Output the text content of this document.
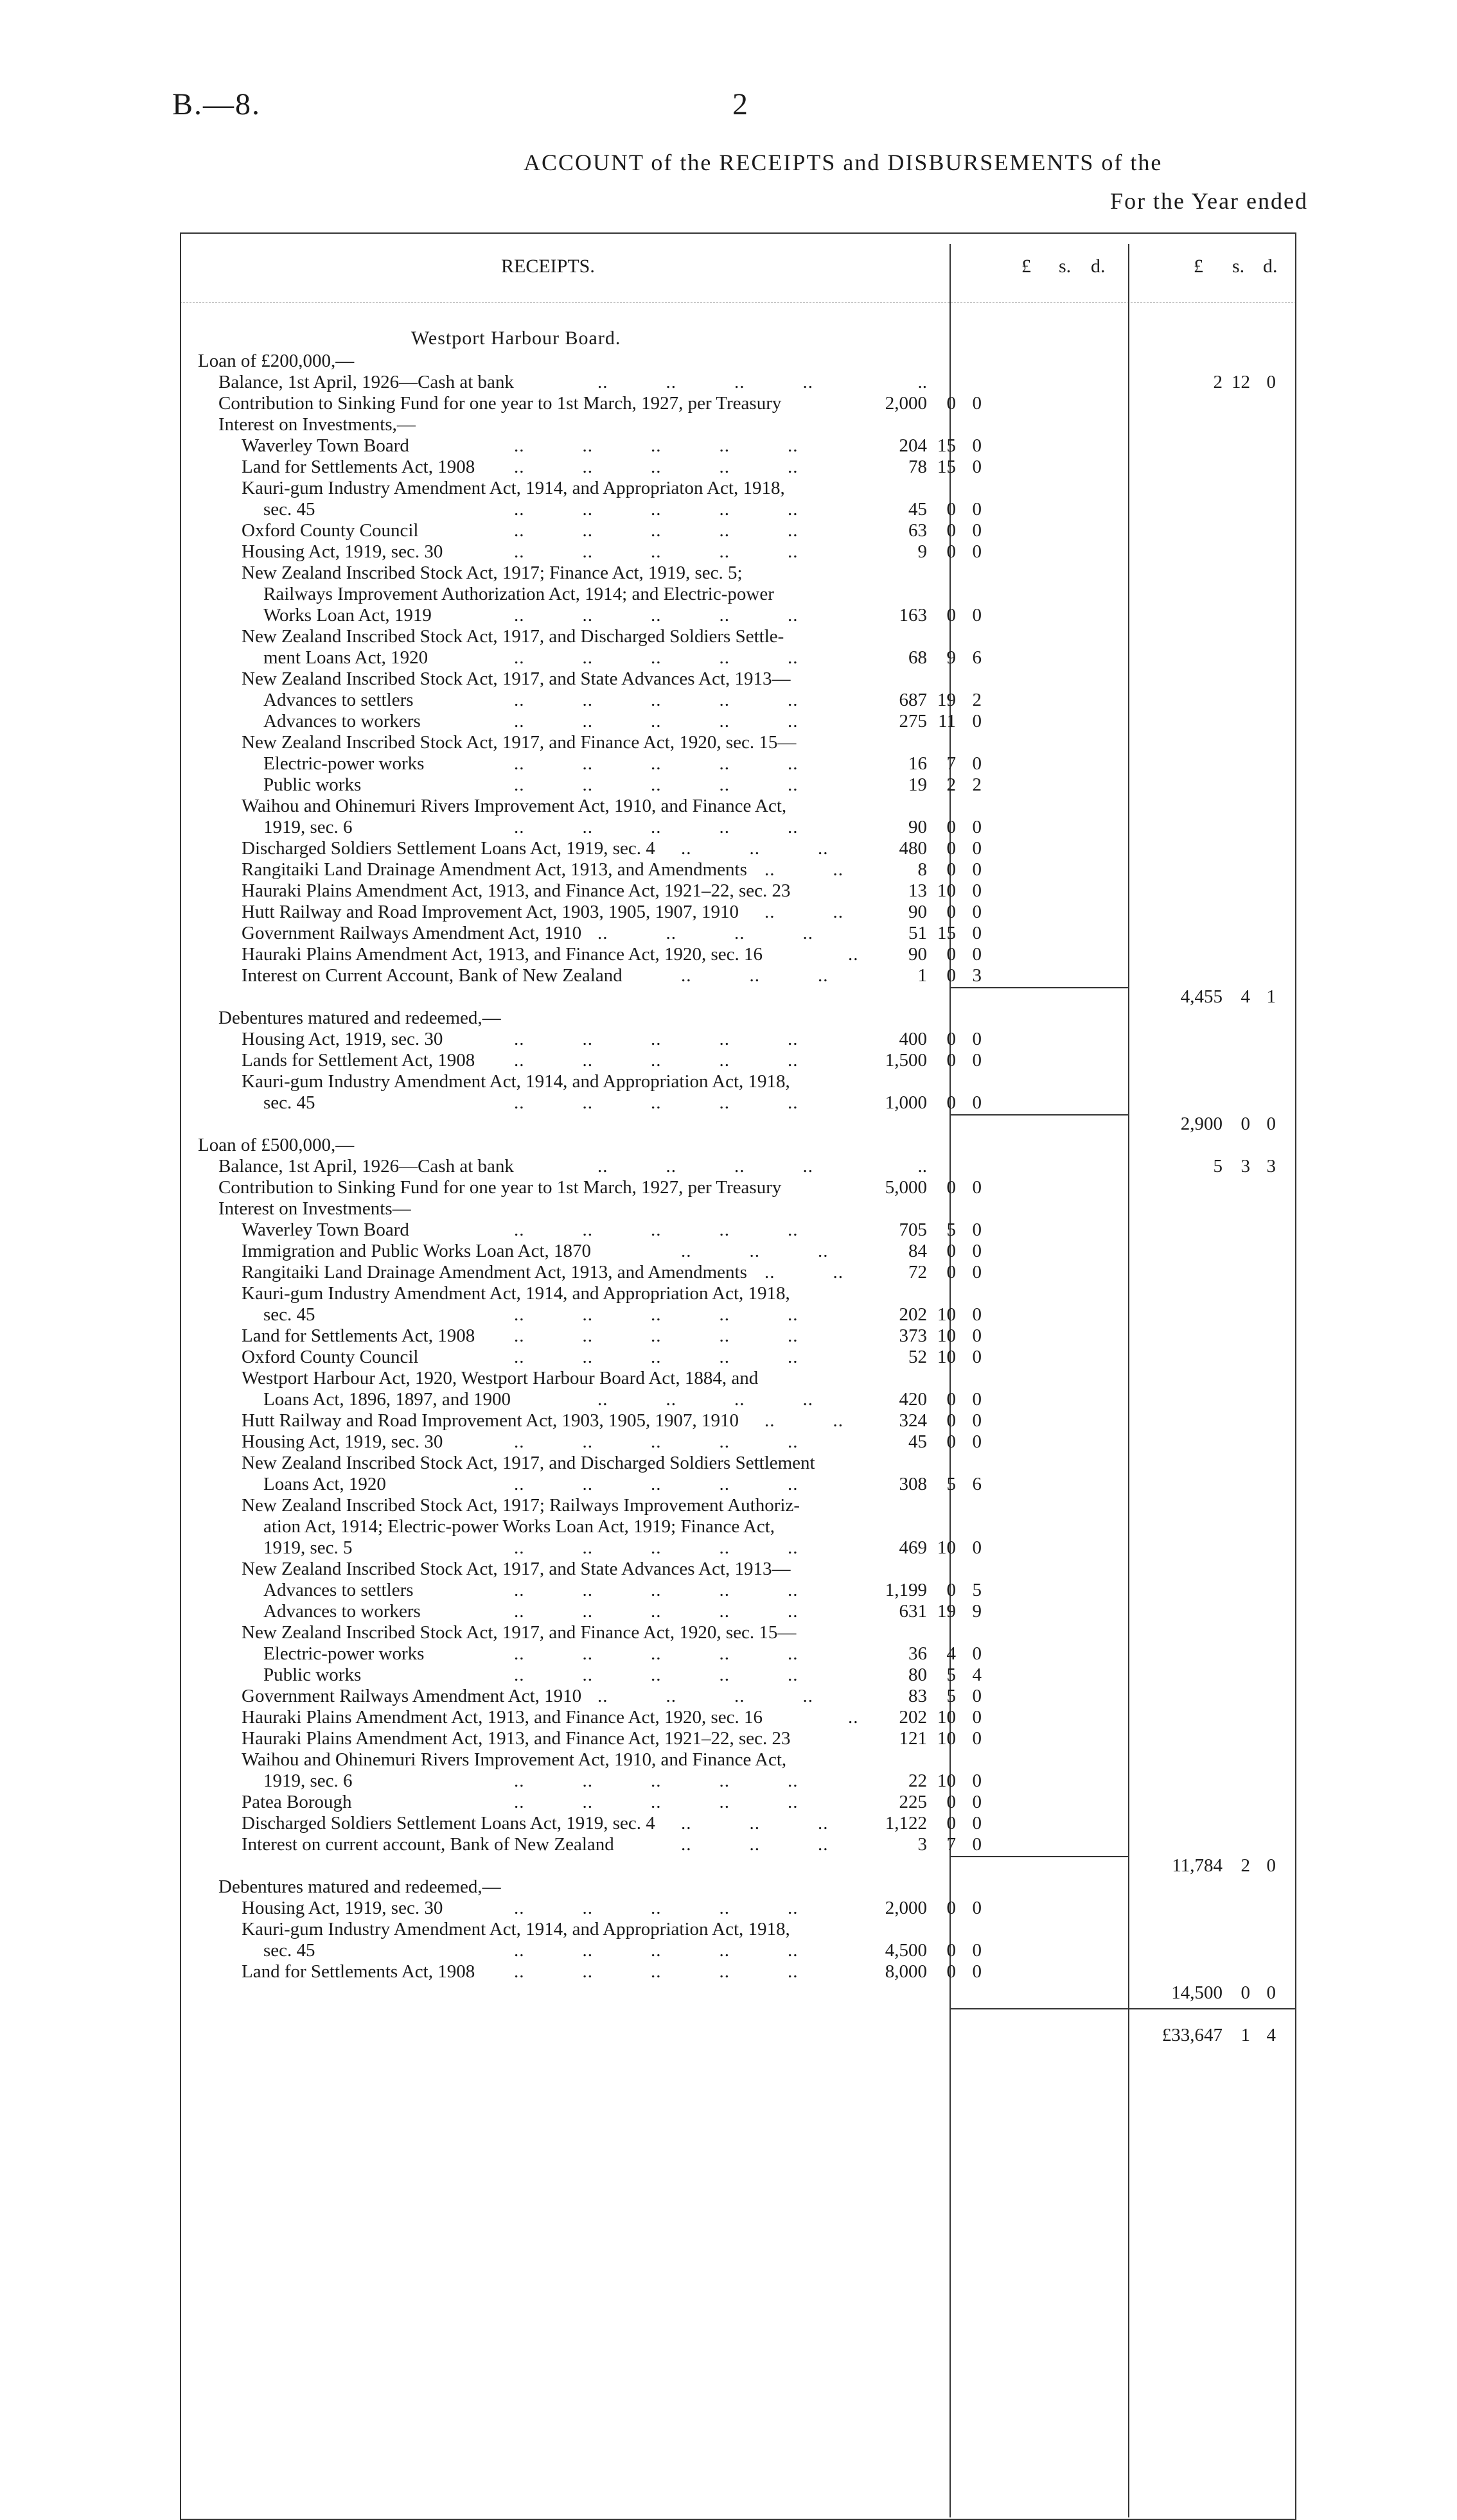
B.—8.	2
ACCOUNT of the RECEIPTS and DISBURSEMENTS of the
For the Year ended
RECEIPTS.	£ s. d.	£ s. d.
Westport Harbour Board.
Loan of £200,000,—
Balance, 1st April, 1926—Cash at bank	..   ..   ..   ..	..	2 12 0
Contribution to Sinking Fund for one year to 1st March, 1927, per Treasury	2,000	0 0
Interest on Investments,—
Waverley Town Board	..   ..   ..   ..   ..	204 15 0
Land for Settlements Act, 1908 ..   ..   ..   ..   ..	78 15 0
Kauri-gum Industry Amendment Act, 1914, and Appropriaton Act, 1918,
sec. 45	..   ..   ..   ..   ..	45	0 0
Oxford County Council	..   ..   ..   ..   ..	63	0 0
Housing Act, 1919, sec. 30	..   ..   ..   ..   ..	9	0 0
New Zealand Inscribed Stock Act, 1917; Finance Act, 1919, sec. 5;
Railways Improvement Authorization Act, 1914; and Electric-power
Works Loan Act, 1919	..   ..   ..   ..   ..	163	0 0
New Zealand Inscribed Stock Act, 1917, and Discharged Soldiers Settle-
ment Loans Act, 1920	..   ..   ..   ..   ..	68	9 6
New Zealand Inscribed Stock Act, 1917, and State Advances Act, 1913—
Advances to settlers	..   ..   ..   ..   ..	687 19 2
Advances to workers	..   ..   ..   ..   ..	275 11 0
New Zealand Inscribed Stock Act, 1917, and Finance Act, 1920, sec. 15—
Electric-power works	..   ..   ..   ..   ..	16	7 0
Public works	..   ..   ..   ..   ..	19	2 2
Waihou and Ohinemuri Rivers Improvement Act, 1910, and Finance Act,
1919, sec. 6	..   ..   ..   ..   ..	90	0 0
Discharged Soldiers Settlement Loans Act, 1919, sec. 4 ..   ..   ..	480	0 0
Rangitaiki Land Drainage Amendment Act, 1913, and Amendments ..   ..	8	0 0
Hauraki Plains Amendment Act, 1913, and Finance Act, 1921–22, sec. 23	13 10 0
Hutt Railway and Road Improvement Act, 1903, 1905, 1907, 1910 ..   ..	90	0 0
Government Railways Amendment Act, 1910 ..   ..   ..   ..	51 15 0
Hauraki Plains Amendment Act, 1913, and Finance Act, 1920, sec. 16	..	90	0 0
Interest on Current Account, Bank of New Zealand	..   ..   ..	1	0 3
4,455 4 1
Debentures matured and redeemed,—
Housing Act, 1919, sec. 30	..   ..   ..   ..   ..	400	0 0
Lands for Settlement Act, 1908 ..   ..   ..   ..   ..	1,500	0 0
Kauri-gum Industry Amendment Act, 1914, and Appropriation Act, 1918,
sec. 45	..   ..   ..   ..   ..	1,000	0 0
2,900 0 0
Loan of £500,000,—
Balance, 1st April, 1926—Cash at bank	..   ..   ..   ..	..	5 3 3
Contribution to Sinking Fund for one year to 1st March, 1927, per Treasury	5,000	0 0
Interest on Investments—
Waverley Town Board	..   ..   ..   ..   ..	705	5 0
Immigration and Public Works Loan Act, 1870	..   ..   ..	84	0 0
Rangitaiki Land Drainage Amendment Act, 1913, and Amendments ..   ..	72	0 0
Kauri-gum Industry Amendment Act, 1914, and Appropriation Act, 1918,
sec. 45	..   ..   ..   ..   ..	202 10 0
Land for Settlements Act, 1908 ..   ..   ..   ..   ..	373 10 0
Oxford County Council	..   ..   ..   ..   ..	52 10 0
Westport Harbour Act, 1920, Westport Harbour Board Act, 1884, and
Loans Act, 1896, 1897, and 1900	..   ..   ..   ..	420	0 0
Hutt Railway and Road Improvement Act, 1903, 1905, 1907, 1910 ..   ..	324	0 0
Housing Act, 1919, sec. 30	..   ..   ..   ..   ..	45	0 0
New Zealand Inscribed Stock Act, 1917, and Discharged Soldiers Settlement
Loans Act, 1920	..   ..   ..   ..   ..	308	5 6
New Zealand Inscribed Stock Act, 1917; Railways Improvement Authoriz-
ation Act, 1914; Electric-power Works Loan Act, 1919; Finance Act,
1919, sec. 5	..   ..   ..   ..   ..	469 10 0
New Zealand Inscribed Stock Act, 1917, and State Advances Act, 1913—
Advances to settlers	..   ..   ..   ..   ..	1,199	0 5
Advances to workers	..   ..   ..   ..   ..	631 19 9
New Zealand Inscribed Stock Act, 1917, and Finance Act, 1920, sec. 15—
Electric-power works	..   ..   ..   ..   ..	36	4 0
Public works	..   ..   ..   ..   ..	80	5 4
Government Railways Amendment Act, 1910 ..   ..   ..   ..	83	5 0
Hauraki Plains Amendment Act, 1913, and Finance Act, 1920, sec. 16	..	202 10 0
Hauraki Plains Amendment Act, 1913, and Finance Act, 1921–22, sec. 23	121 10 0
Waihou and Ohinemuri Rivers Improvement Act, 1910, and Finance Act,
1919, sec. 6	..   ..   ..   ..   ..	22 10 0
Patea Borough	..   ..   ..   ..   ..	225	0 0
Discharged Soldiers Settlement Loans Act, 1919, sec. 4 ..   ..   ..	1,122	0 0
Interest on current account, Bank of New Zealand	..   ..   ..	3	7 0
11,784 2 0
Debentures matured and redeemed,—
Housing Act, 1919, sec. 30	..   ..   ..   ..   ..	2,000	0 0
Kauri-gum Industry Amendment Act, 1914, and Appropriation Act, 1918,
sec. 45	..   ..   ..   ..   ..	4,500	0 0
Land for Settlements Act, 1908 ..   ..   ..   ..   ..	8,000	0 0
14,500 0 0
£33,647 1 4
